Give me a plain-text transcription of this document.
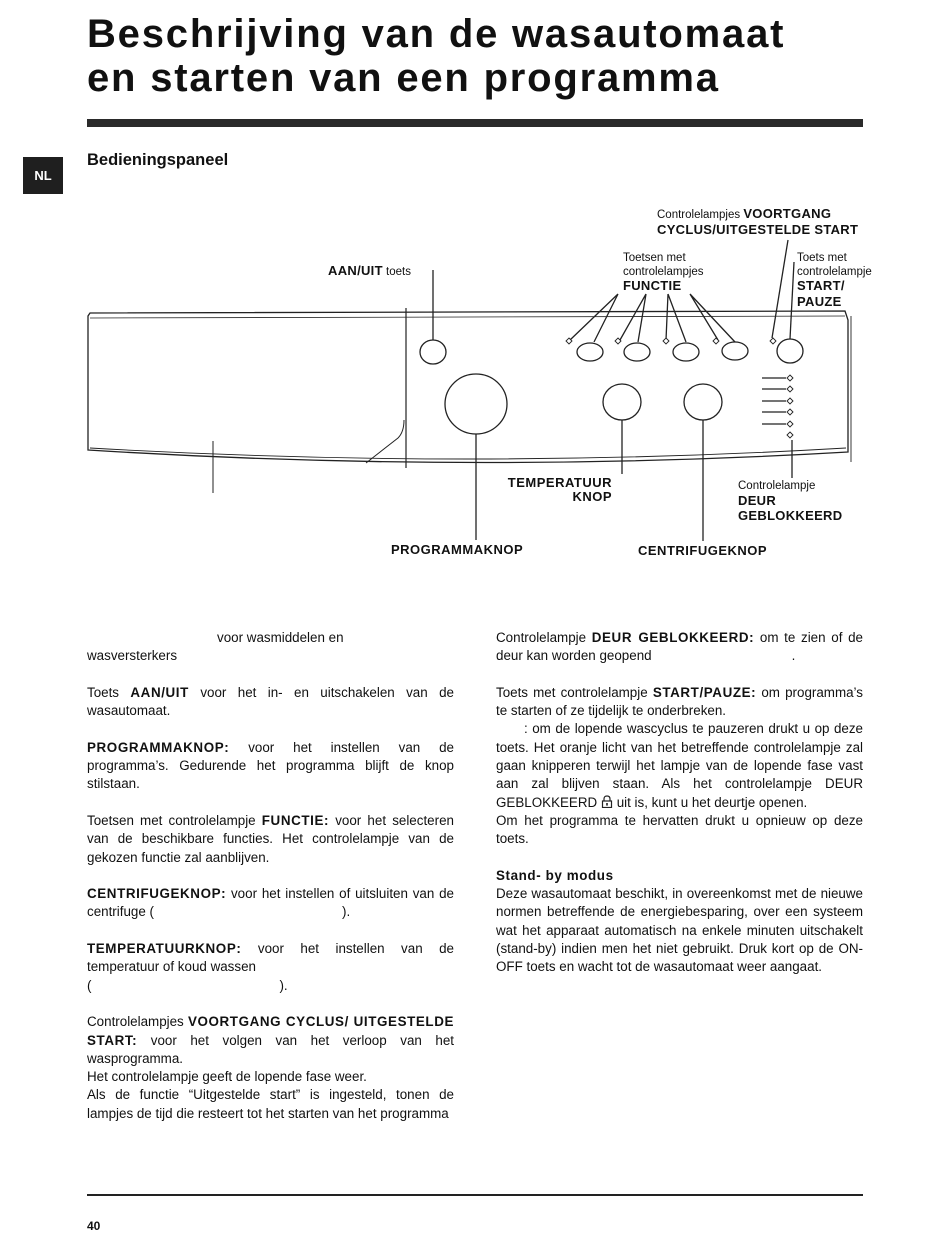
Beschrijving van de wasautomaat
en starten van een programma
NL
Bedieningspaneel
Controlelampjes VOORTGANG
CYCLUS/UITGESTELDE START
AAN/UIT toets
Toetsen met
controlelampjes
FUNCTIE
Toets met
controlelampje
START/
PAUZE
TEMPERATUUR
KNOP
Controlelampje
DEUR
GEBLOKKEERD
PROGRAMMAKNOP	CENTRIFUGEKNOP

voor wasmiddelen en
wasversterkers

Toets AAN/UIT voor het in- en uitschakelen van de wasautomaat.

PROGRAMMAKNOP: voor het instellen van de programma’s. Gedurende het programma blijft de knop stilstaan.

Toetsen met controlelampje FUNCTIE: voor het selecteren van de beschikbare functies. Het controlelampje van de gekozen functie zal aanblijven.

CENTRIFUGEKNOP: voor het instellen of uitsluiten van de centrifuge (	).

TEMPERATUURKNOP: voor het instellen van de temperatuur of koud wassen
(	).

Controlelampjes VOORTGANG CYCLUS/ UITGESTELDE START: voor het volgen van het verloop van het wasprogramma.
Het controlelampje geeft de lopende fase weer.
Als de functie “Uitgestelde start” is ingesteld, tonen de lampjes de tijd die resteert tot het starten van het programma

Controlelampje DEUR GEBLOKKEERD: om te zien of de deur kan worden geopend	.

Toets met controlelampje START/PAUZE: om programma’s te starten of ze tijdelijk te onderbreken.
: om de lopende wascyclus te pauzeren drukt u op deze toets. Het oranje licht van het betreffende controlelampje zal gaan knipperen terwijl het lampje van de lopende fase vast aan zal blijven staan. Als het controlelampje DEUR GEBLOKKEERD uit is, kunt u het deurtje openen.
Om het programma te hervatten drukt u opnieuw op deze toets.

Stand- by modus
Deze wasautomaat beschikt, in overeenkomst met de nieuwe normen betreffende de energiebesparing, over een systeem wat het apparaat automatisch na enkele minuten uitschakelt (stand-by) indien men het niet gebruikt. Druk kort op de ON-OFF toets en wacht tot de wasautomaat weer aangaat.

40
